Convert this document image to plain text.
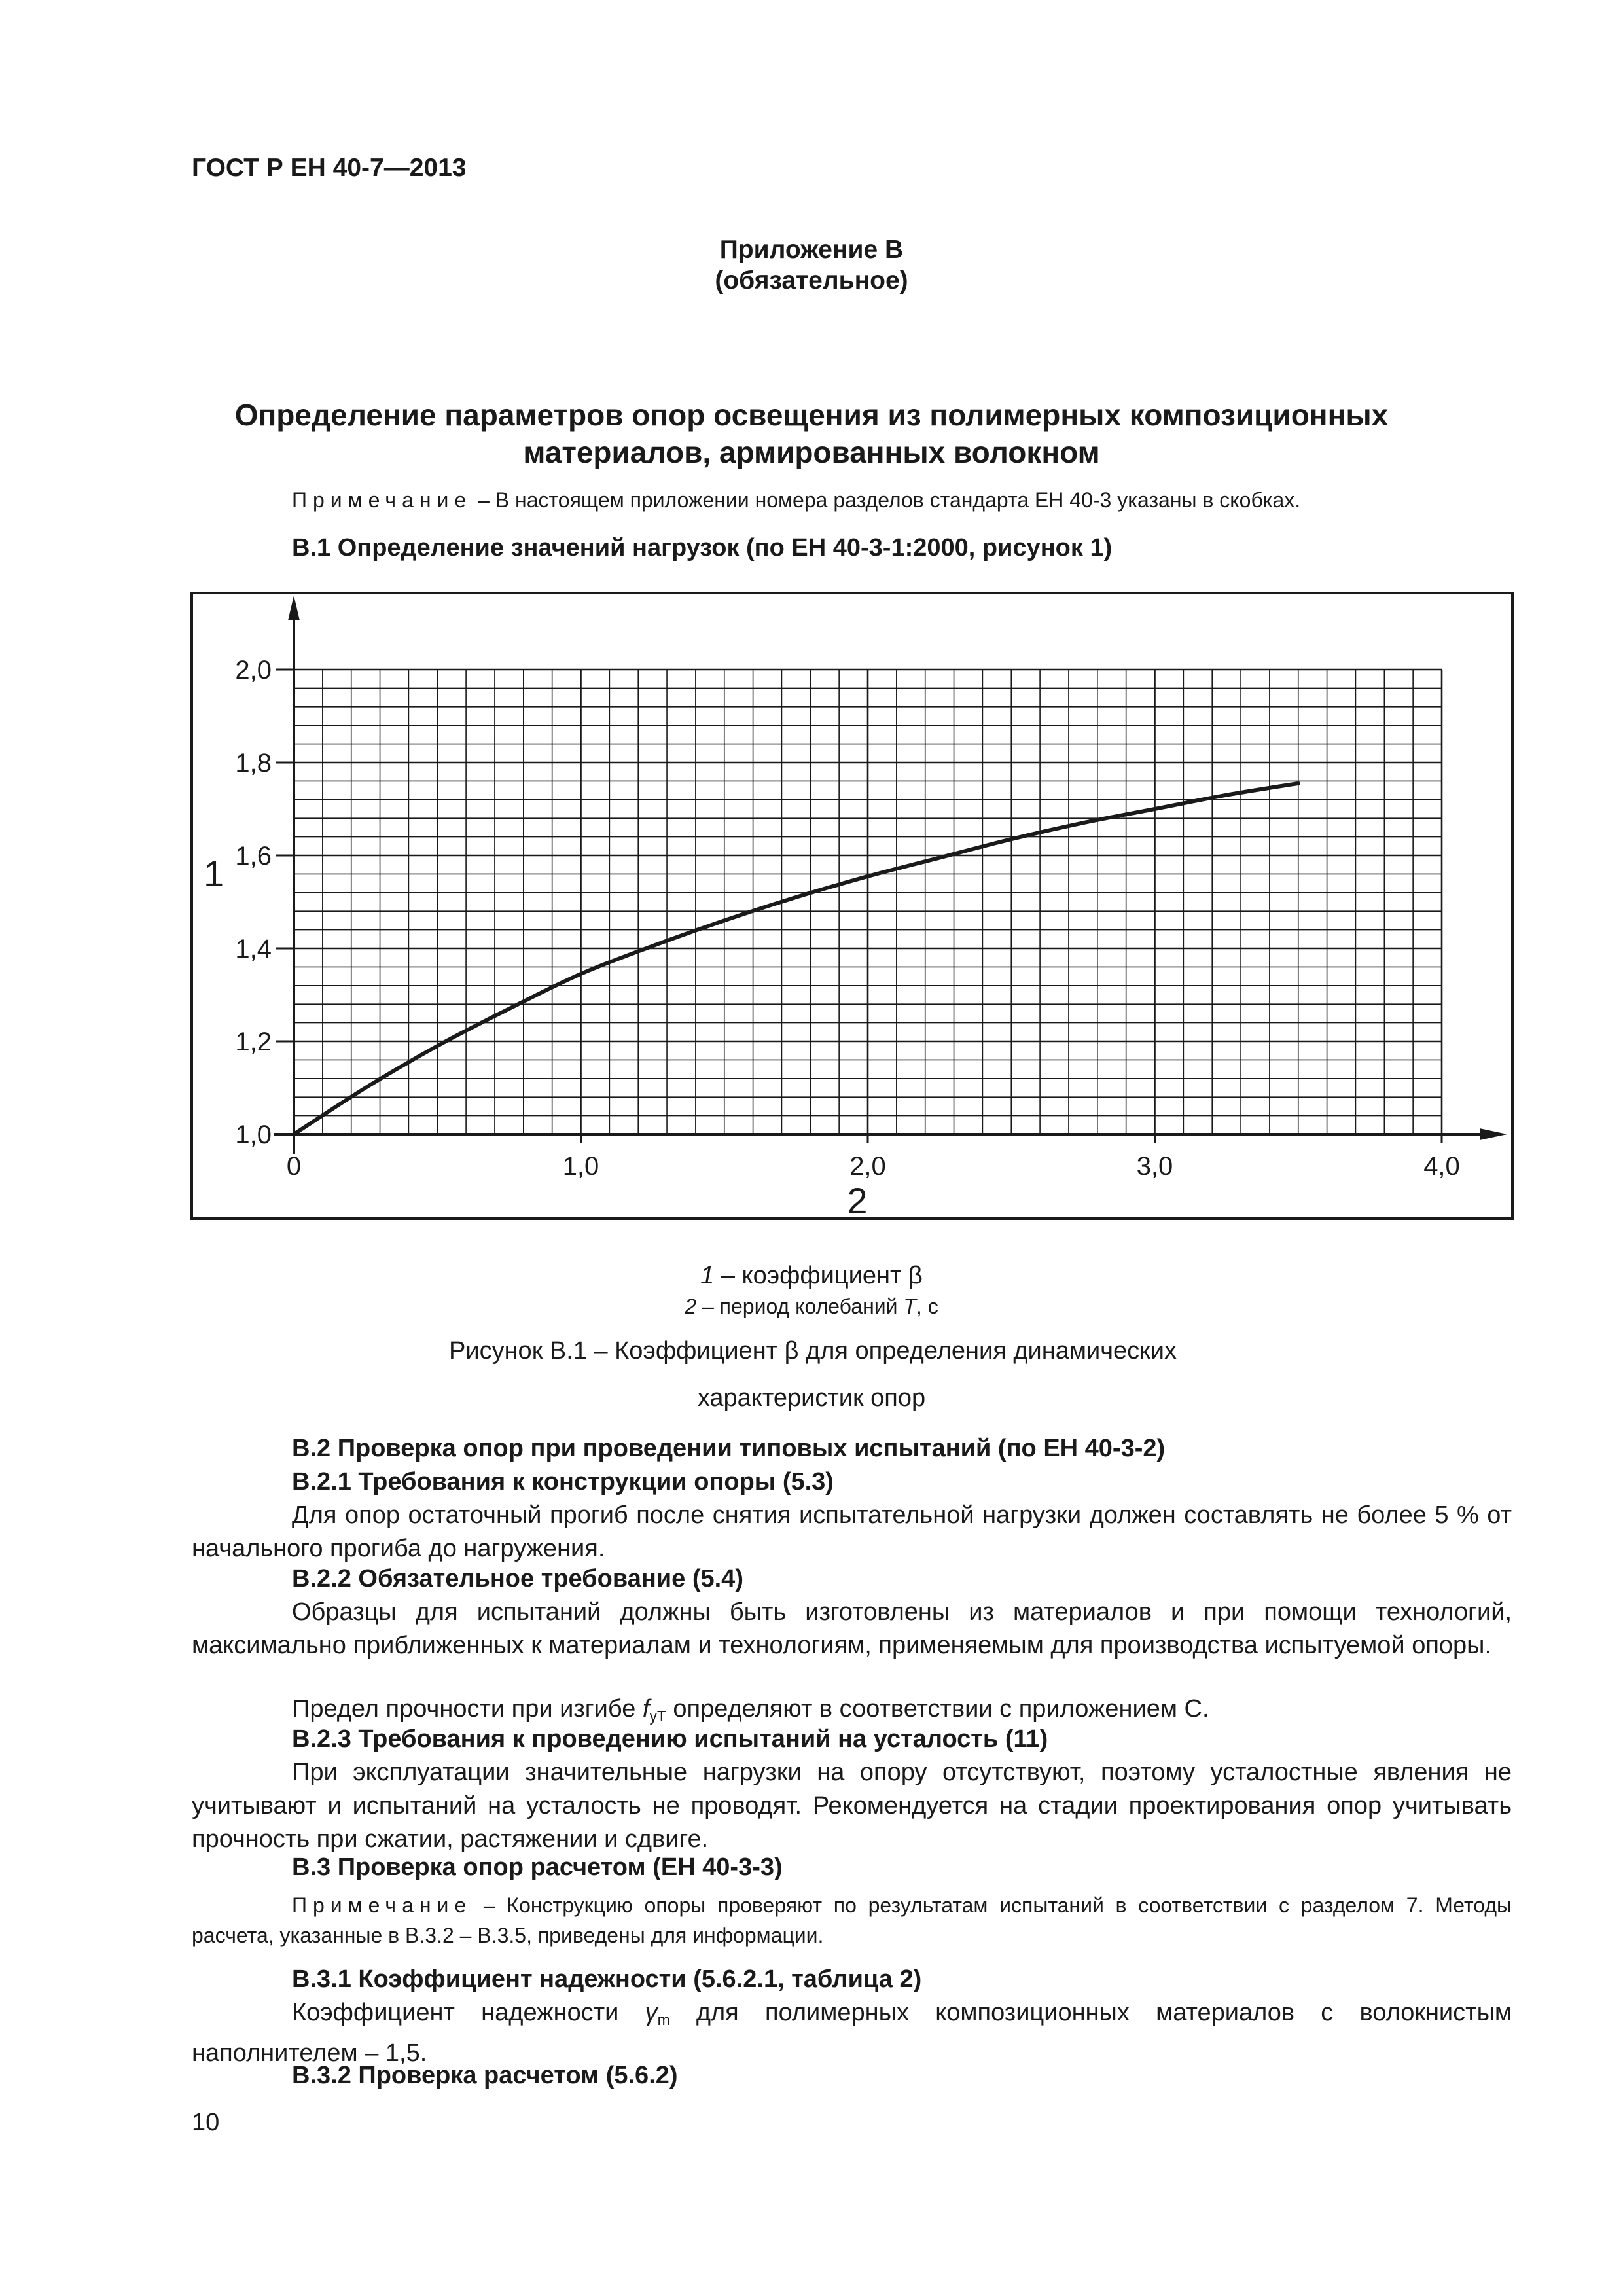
ГОСТ Р ЕН 40-7—2013
Приложение В
(обязательное)
Определение параметров опор освещения из полимерных композиционных
материалов, армированных волокном
Примечание – В настоящем приложении номера разделов стандарта ЕН 40-3 указаны в скобках.
В.1 Определение значений нагрузок (по ЕН 40-3-1:2000, рисунок 1)
1,0
1,2
1,4
1,6
1,8
2,0
0	1,0	2,0	3,0	4,0
1
2
1 – коэффициент β
2 – период колебаний T, с
Рисунок В.1 – Коэффициент β для определения динамических
характеристик опор
В.2 Проверка опор при проведении типовых испытаний (по ЕН 40-3-2)
В.2.1 Требования к конструкции опоры (5.3)
Для опор остаточный прогиб после снятия испытательной нагрузки должен составлять не более 5 % от начального прогиба до нагружения.
В.2.2 Обязательное требование (5.4)
Образцы для испытаний должны быть изготовлены из материалов и при помощи технологий, максимально приближенных к материалам и технологиям, применяемым для производства испытуемой опоры.
Предел прочности при изгибе $f_{yT}$ определяют в соответствии с приложением С.
В.2.3 Требования к проведению испытаний на усталость (11)
При эксплуатации значительные нагрузки на опору отсутствуют, поэтому усталостные явления не учитывают и испытаний на усталость не проводят. Рекомендуется на стадии проектирования опор учитывать прочность при сжатии, растяжении и сдвиге.
В.3 Проверка опор расчетом (ЕН 40-3-3)
Примечание – Конструкцию опоры проверяют по результатам испытаний в соответствии с разделом 7. Методы расчета, указанные в В.3.2 – В.3.5, приведены для информации.
В.3.1 Коэффициент надежности (5.6.2.1, таблица 2)
Коэффициент надежности $\gamma_m$ для полимерных композиционных материалов с волокнистым наполнителем – 1,5.
В.3.2 Проверка расчетом (5.6.2)
10
